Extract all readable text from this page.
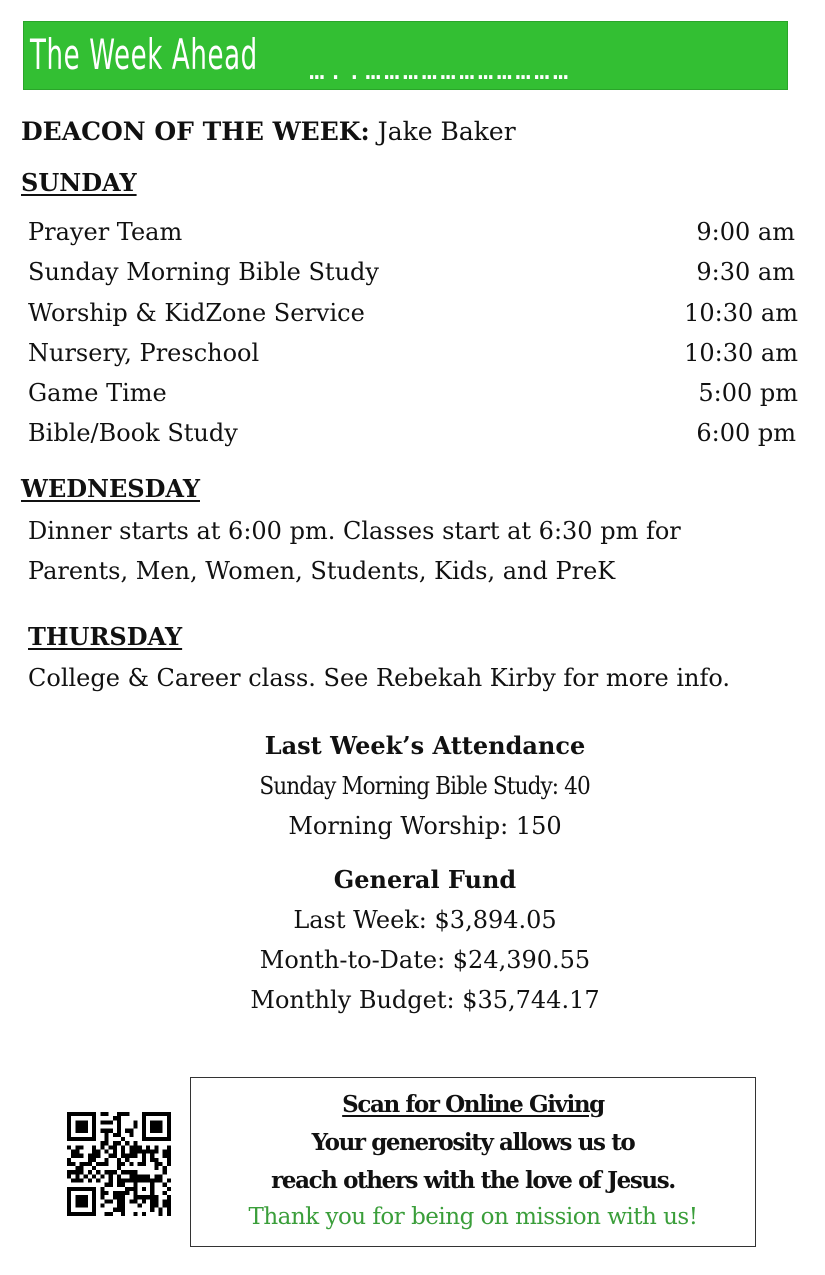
The Week Ahead …..……………………………
DEACON OF THE WEEK: Jake Baker
SUNDAY
Prayer Team	9:00 am
Sunday Morning Bible Study	9:30 am
Worship & KidZone Service	10:30 am
Nursery, Preschool	10:30 am
Game Time	5:00 pm
Bible/Book Study	6:00 pm
WEDNESDAY
Dinner starts at 6:00 pm. Classes start at 6:30 pm for
Parents, Men, Women, Students, Kids, and PreK
THURSDAY
College & Career class. See Rebekah Kirby for more info.
Last Week’s Attendance
Sunday Morning Bible Study: 40
Morning Worship: 150
General Fund
Last Week: $3,894.05
Month-to-Date: $24,390.55
Monthly Budget: $35,744.17
Scan for Online Giving
Your generosity allows us to
reach others with the love of Jesus.
Thank you for being on mission with us!
